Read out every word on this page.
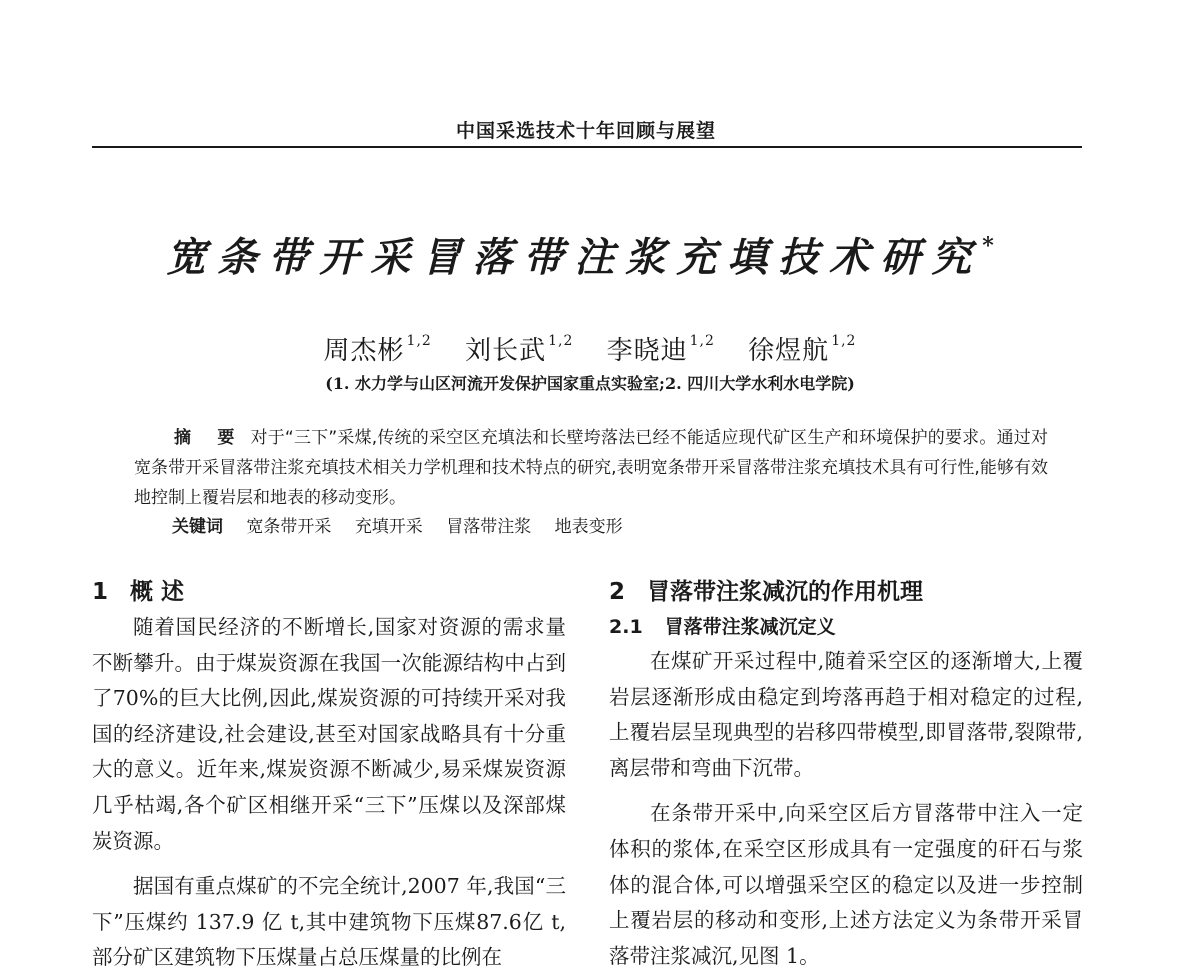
中国采选技术十年回顾与展望
宽条带开采冒落带注浆充填技术研究*
周杰彬 $^{1,2}$ 刘长武 $^{1,2}$ 李晓迪 $^{1,2}$ 徐煜航 $^{1,2}$
(1. 水力学与山区河流开发保护国家重点实验室;2. 四川大学水利水电学院)

摘 要 对于“三下”采煤,传统的采空区充填法和长壁垮落法已经不能适应现代矿区生产和环境保护的要求。通过对宽条带开采冒落带注浆充填技术相关力学机理和技术特点的研究,表明宽条带开采冒落带注浆充填技术具有可行性,能够有效地控制上覆岩层和地表的移动变形。

关键词 宽条带开采 充填开采 冒落带注浆 地表变形
1 概 述

随着国民经济的不断增长,国家对资源的需求量不断攀升。由于煤炭资源在我国一次能源结构中占到了70%的巨大比例,因此,煤炭资源的可持续开采对我国的经济建设,社会建设,甚至对国家战略具有十分重大的意义。近年来,煤炭资源不断减少,易采煤炭资源几乎枯竭,各个矿区相继开采“三下”压煤以及深部煤炭资源。

据国有重点煤矿的不完全统计,2007 年,我国“三下”压煤约 137.9 亿 t,其中建筑物下压煤87.6亿 t,部分矿区建筑物下压煤量占总压煤量的比例在

2 冒落带注浆减沉的作用机理
2.1 冒落带注浆减沉定义

在煤矿开采过程中,随着采空区的逐渐增大,上覆岩层逐渐形成由稳定到垮落再趋于相对稳定的过程,上覆岩层呈现典型的岩移四带模型,即冒落带,裂隙带,离层带和弯曲下沉带。

在条带开采中,向采空区后方冒落带中注入一定体积的浆体,在采空区形成具有一定强度的矸石与浆体的混合体,可以增强采空区的稳定以及进一步控制上覆岩层的移动和变形,上述方法定义为条带开采冒落带注浆减沉,见图 1。
